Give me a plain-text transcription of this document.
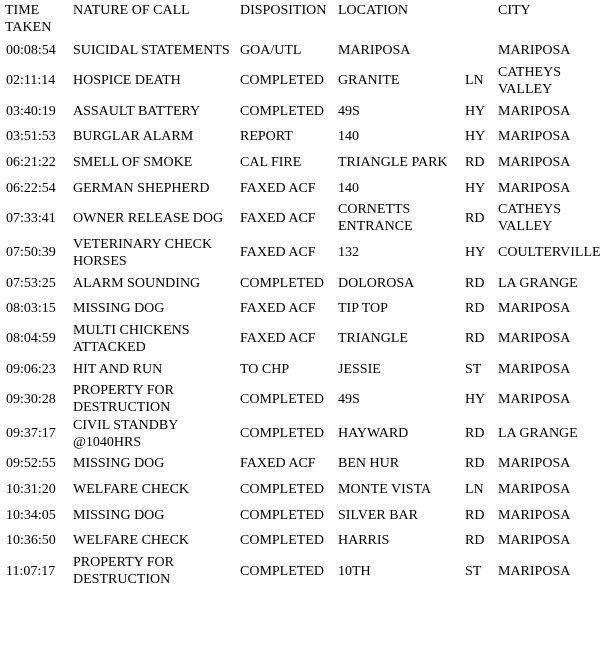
TIME TAKEN	NATURE OF CALL	DISPOSITION	LOCATION		CITY
00:08:54	SUICIDAL STATEMENTS	GOA/UTL	MARIPOSA		MARIPOSA
02:11:14	HOSPICE DEATH	COMPLETED	GRANITE	LN	CATHEYS VALLEY
03:40:19	ASSAULT BATTERY	COMPLETED	49S	HY	MARIPOSA
03:51:53	BURGLAR ALARM	REPORT	140	HY	MARIPOSA
06:21:22	SMELL OF SMOKE	CAL FIRE	TRIANGLE PARK	RD	MARIPOSA
06:22:54	GERMAN SHEPHERD	FAXED ACF	140	HY	MARIPOSA
07:33:41	OWNER RELEASE DOG	FAXED ACF	CORNETTS ENTRANCE	RD	CATHEYS VALLEY
07:50:39	VETERINARY CHECK HORSES	FAXED ACF	132	HY	COULTERVILLE
07:53:25	ALARM SOUNDING	COMPLETED	DOLOROSA	RD	LA GRANGE
08:03:15	MISSING DOG	FAXED ACF	TIP TOP	RD	MARIPOSA
08:04:59	MULTI CHICKENS ATTACKED	FAXED ACF	TRIANGLE	RD	MARIPOSA
09:06:23	HIT AND RUN	TO CHP	JESSIE	ST	MARIPOSA
09:30:28	PROPERTY FOR DESTRUCTION	COMPLETED	49S	HY	MARIPOSA
09:37:17	CIVIL STANDBY @1040HRS	COMPLETED	HAYWARD	RD	LA GRANGE
09:52:55	MISSING DOG	FAXED ACF	BEN HUR	RD	MARIPOSA
10:31:20	WELFARE CHECK	COMPLETED	MONTE VISTA	LN	MARIPOSA
10:34:05	MISSING DOG	COMPLETED	SILVER BAR	RD	MARIPOSA
10:36:50	WELFARE CHECK	COMPLETED	HARRIS	RD	MARIPOSA
11:07:17	PROPERTY FOR DESTRUCTION	COMPLETED	10TH	ST	MARIPOSA
